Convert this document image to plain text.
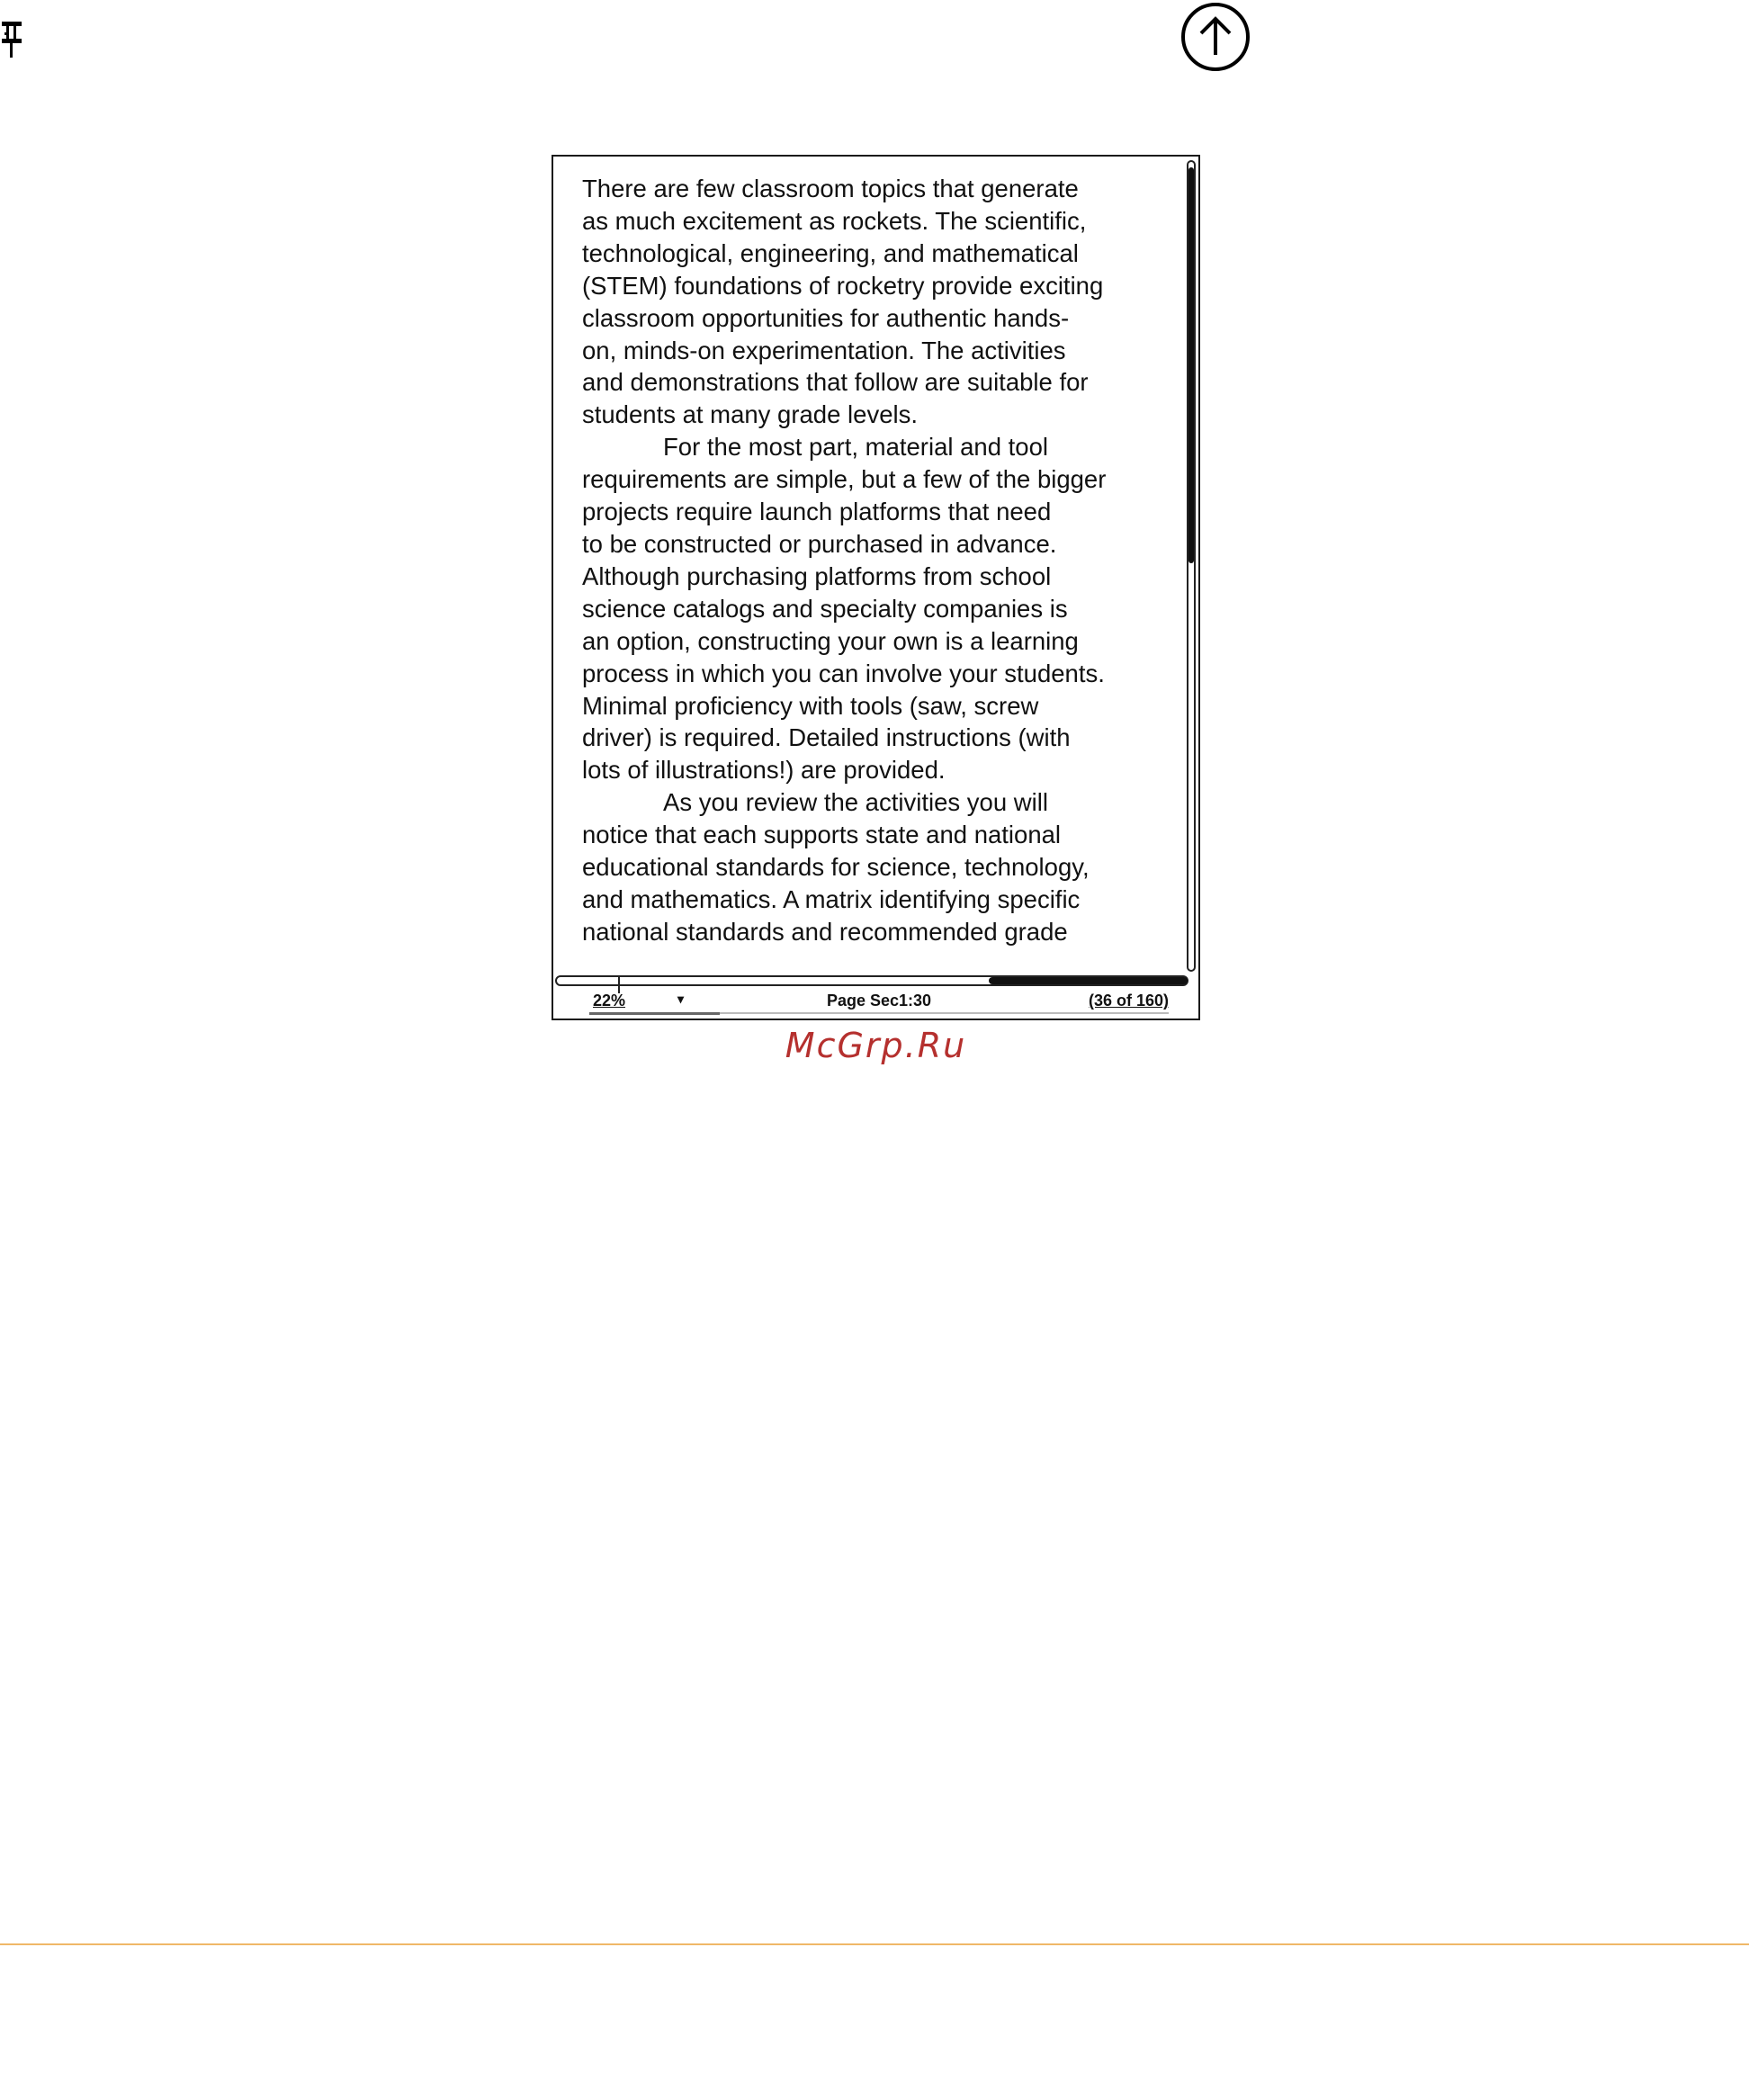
There are few classroom topics that generate
as much excitement as rockets. The scientific,
technological, engineering, and mathematical
(STEM) foundations of rocketry provide exciting
classroom opportunities for authentic hands-
on, minds-on experimentation. The activities
and demonstrations that follow are suitable for
students at many grade levels.
For the most part, material and tool
requirements are simple, but a few of the bigger
projects require launch platforms that need
to be constructed or purchased in advance.
Although purchasing platforms from school
science catalogs and specialty companies is
an option, constructing your own is a learning
process in which you can involve your students.
Minimal proficiency with tools (saw, screw
driver) is required. Detailed instructions (with
lots of illustrations!) are provided.
As you review the activities you will
notice that each supports state and national
educational standards for science, technology,
and mathematics. A matrix identifying specific
national standards and recommended grade
22%	▾	Page Sec1:30	(36 of 160)
McGrp.Ru
